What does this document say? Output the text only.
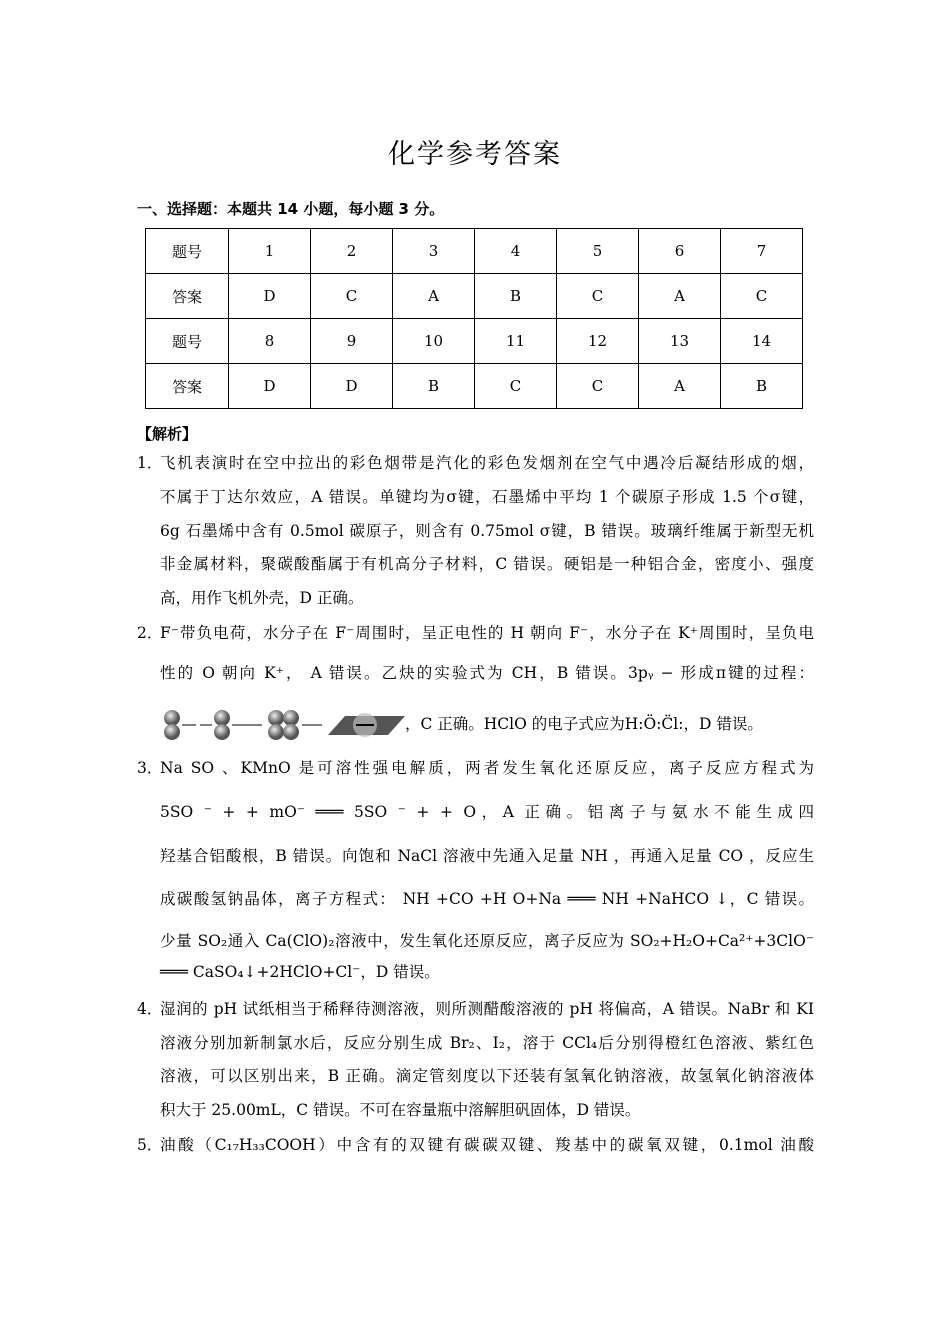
化学参考答案
一、选择题：本题共 14 小题，每小题 3 分。
题号	1	2	3	4	5	6	7
答案	D	C	A	B	C	A	C
题号	8	9	10	11	12	13	14
答案	D	D	B	C	C	A	B
【解析】
1．
飞机表演时在空中拉出的彩色烟带是汽化的彩色发烟剂在空气中遇冷后凝结形成的烟，
不属于丁达尔效应，A 错误。单键均为σ键，石墨烯中平均 1 个碳原子形成 1.5 个σ键，
6g 石墨烯中含有 0.5mol 碳原子，则含有 0.75mol σ键，B 错误。玻璃纤维属于新型无机
非金属材料，聚碳酸酯属于有机高分子材料，C 错误。硬铝是一种铝合金，密度小、强度
高，用作飞机外壳，D 正确。
2．
F⁻带负电荷，水分子在 F⁻周围时，呈正电性的 H 朝向 F⁻，水分子在 K⁺周围时，呈负电
性的 O 朝向 K⁺， A 错误。乙炔的实验式为 CH，B 错误。3pᵧ − 形成π键的过程：
，C 正确。HClO 的电子式应为H:Ö:C̈l:，D 错误。
3．
Na SO 、KMnO 是可溶性强电解质，两者发生氧化还原反应，离子反应方程式为
5SO ⁻ + + mO⁻ ═══ 5SO ⁻ + + O，A 正确。铝离子与氨水不能生成四
羟基合铝酸根，B 错误。向饱和 NaCl 溶液中先通入足量 NH ，再通入足量 CO ，反应生
成碳酸氢钠晶体，离子方程式： NH +CO +H O+Na ═══ NH +NaHCO ↓，C 错误。
少量 SO₂通入 Ca(ClO)₂溶液中，发生氧化还原反应，离子反应为 SO₂+H₂O+Ca²⁺+3ClO⁻
═══ CaSO₄↓+2HClO+Cl⁻，D 错误。
4．
湿润的 pH 试纸相当于稀释待测溶液，则所测醋酸溶液的 pH 将偏高，A 错误。NaBr 和 KI
溶液分别加新制氯水后，反应分别生成 Br₂、I₂，溶于 CCl₄后分别得橙红色溶液、紫红色
溶液，可以区别出来，B 正确。滴定管刻度以下还装有氢氧化钠溶液，故氢氧化钠溶液体
积大于 25.00mL，C 错误。不可在容量瓶中溶解胆矾固体，D 错误。
5．
油酸（C₁₇H₃₃COOH）中含有的双键有碳碳双键、羧基中的碳氧双键，0.1mol 油酸
